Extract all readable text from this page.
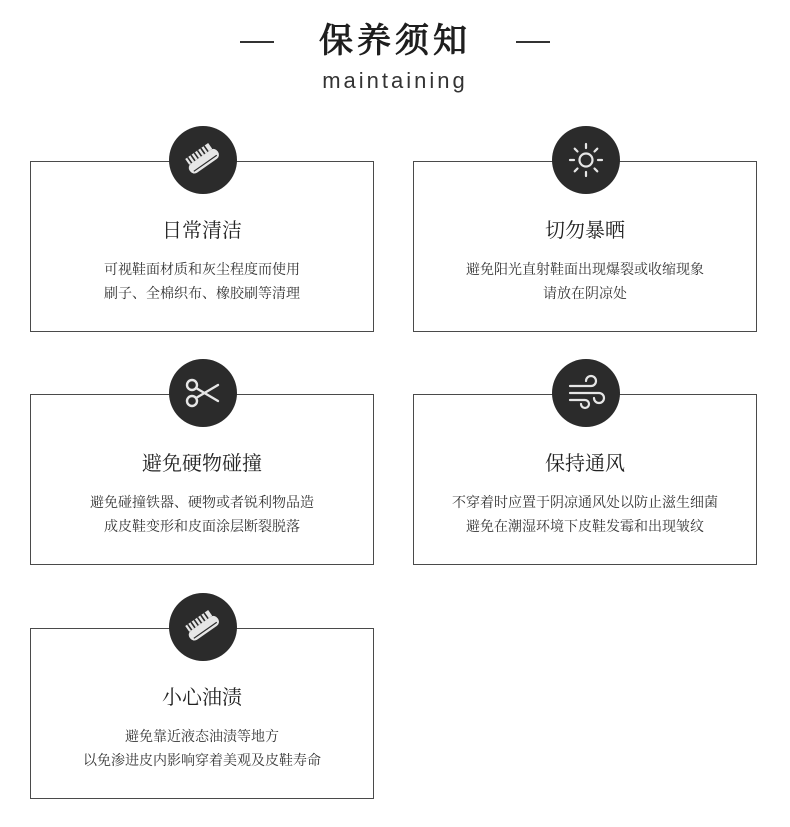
保养须知
maintaining
日常清洁
可视鞋面材质和灰尘程度而使用
刷子、全棉织布、橡胶刷等清理
切勿暴晒
避免阳光直射鞋面出现爆裂或收缩现象
请放在阴凉处
避免硬物碰撞
避免碰撞铁器、硬物或者锐利物品造
成皮鞋变形和皮面涂层断裂脱落
保持通风
不穿着时应置于阴凉通风处以防止滋生细菌
避免在潮湿环境下皮鞋发霉和出现皱纹
小心油渍
避免靠近液态油渍等地方
以免渗进皮内影响穿着美观及皮鞋寿命
